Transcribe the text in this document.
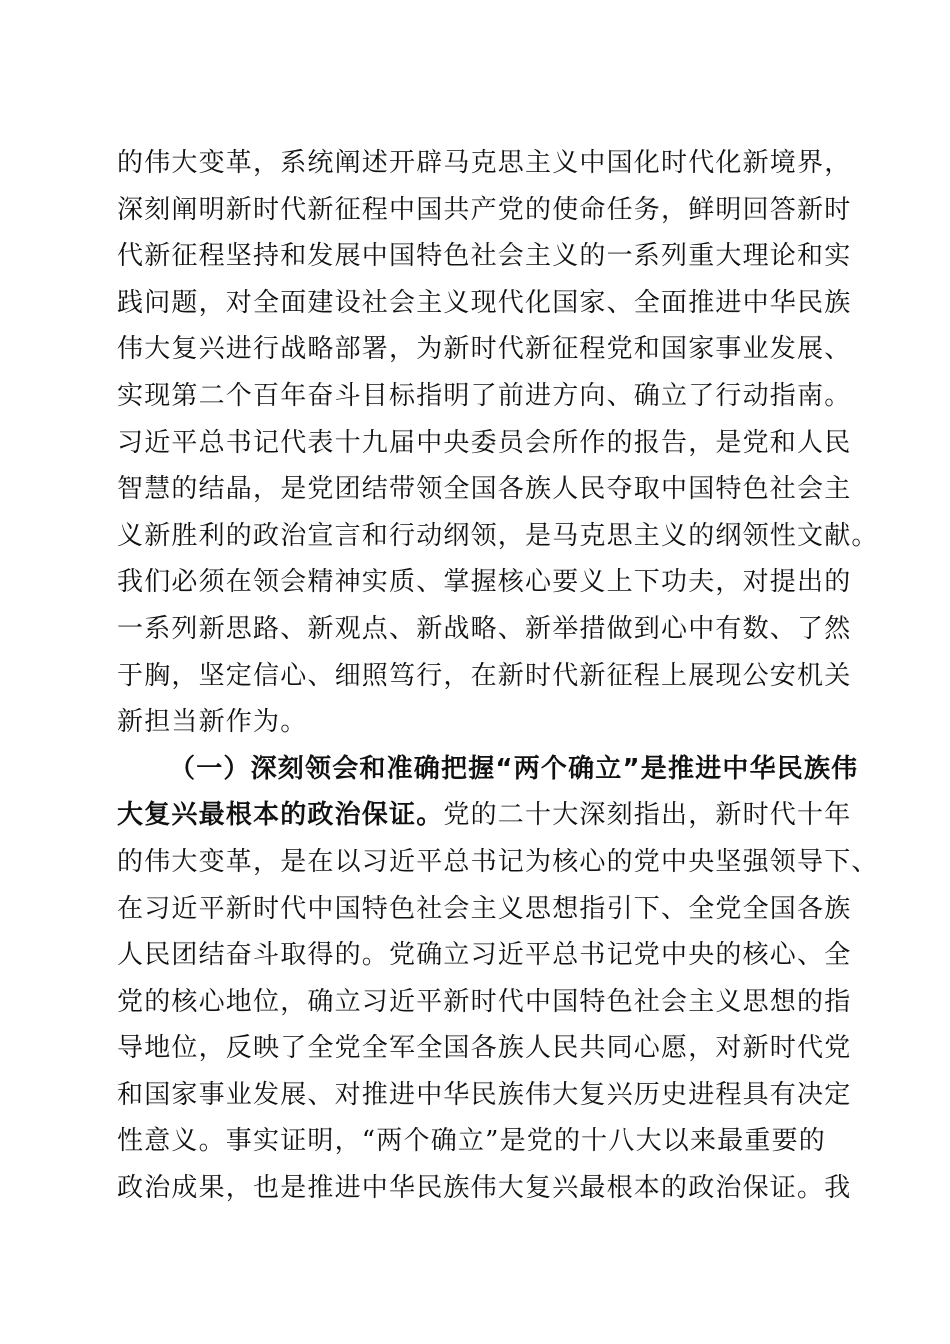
的伟大变革，系统阐述开辟马克思主义中国化时代化新境界，
深刻阐明新时代新征程中国共产党的使命任务，鲜明回答新时
代新征程坚持和发展中国特色社会主义的一系列重大理论和实
践问题，对全面建设社会主义现代化国家、全面推进中华民族
伟大复兴进行战略部署，为新时代新征程党和国家事业发展、
实现第二个百年奋斗目标指明了前进方向、确立了行动指南。
习近平总书记代表十九届中央委员会所作的报告，是党和人民
智慧的结晶，是党团结带领全国各族人民夺取中国特色社会主
义新胜利的政治宣言和行动纲领，是马克思主义的纲领性文献。
我们必须在领会精神实质、掌握核心要义上下功夫，对提出的
一系列新思路、新观点、新战略、新举措做到心中有数、了然
于胸，坚定信心、细照笃行，在新时代新征程上展现公安机关
新担当新作为。
（一）深刻领会和准确把握“两个确立”是推进中华民族伟
大复兴最根本的政治保证。党的二十大深刻指出，新时代十年
的伟大变革，是在以习近平总书记为核心的党中央坚强领导下、
在习近平新时代中国特色社会主义思想指引下、全党全国各族
人民团结奋斗取得的。党确立习近平总书记党中央的核心、全
党的核心地位，确立习近平新时代中国特色社会主义思想的指
导地位，反映了全党全军全国各族人民共同心愿，对新时代党
和国家事业发展、对推进中华民族伟大复兴历史进程具有决定
性意义。事实证明，“两个确立”是党的十八大以来最重要的
政治成果，也是推进中华民族伟大复兴最根本的政治保证。我
